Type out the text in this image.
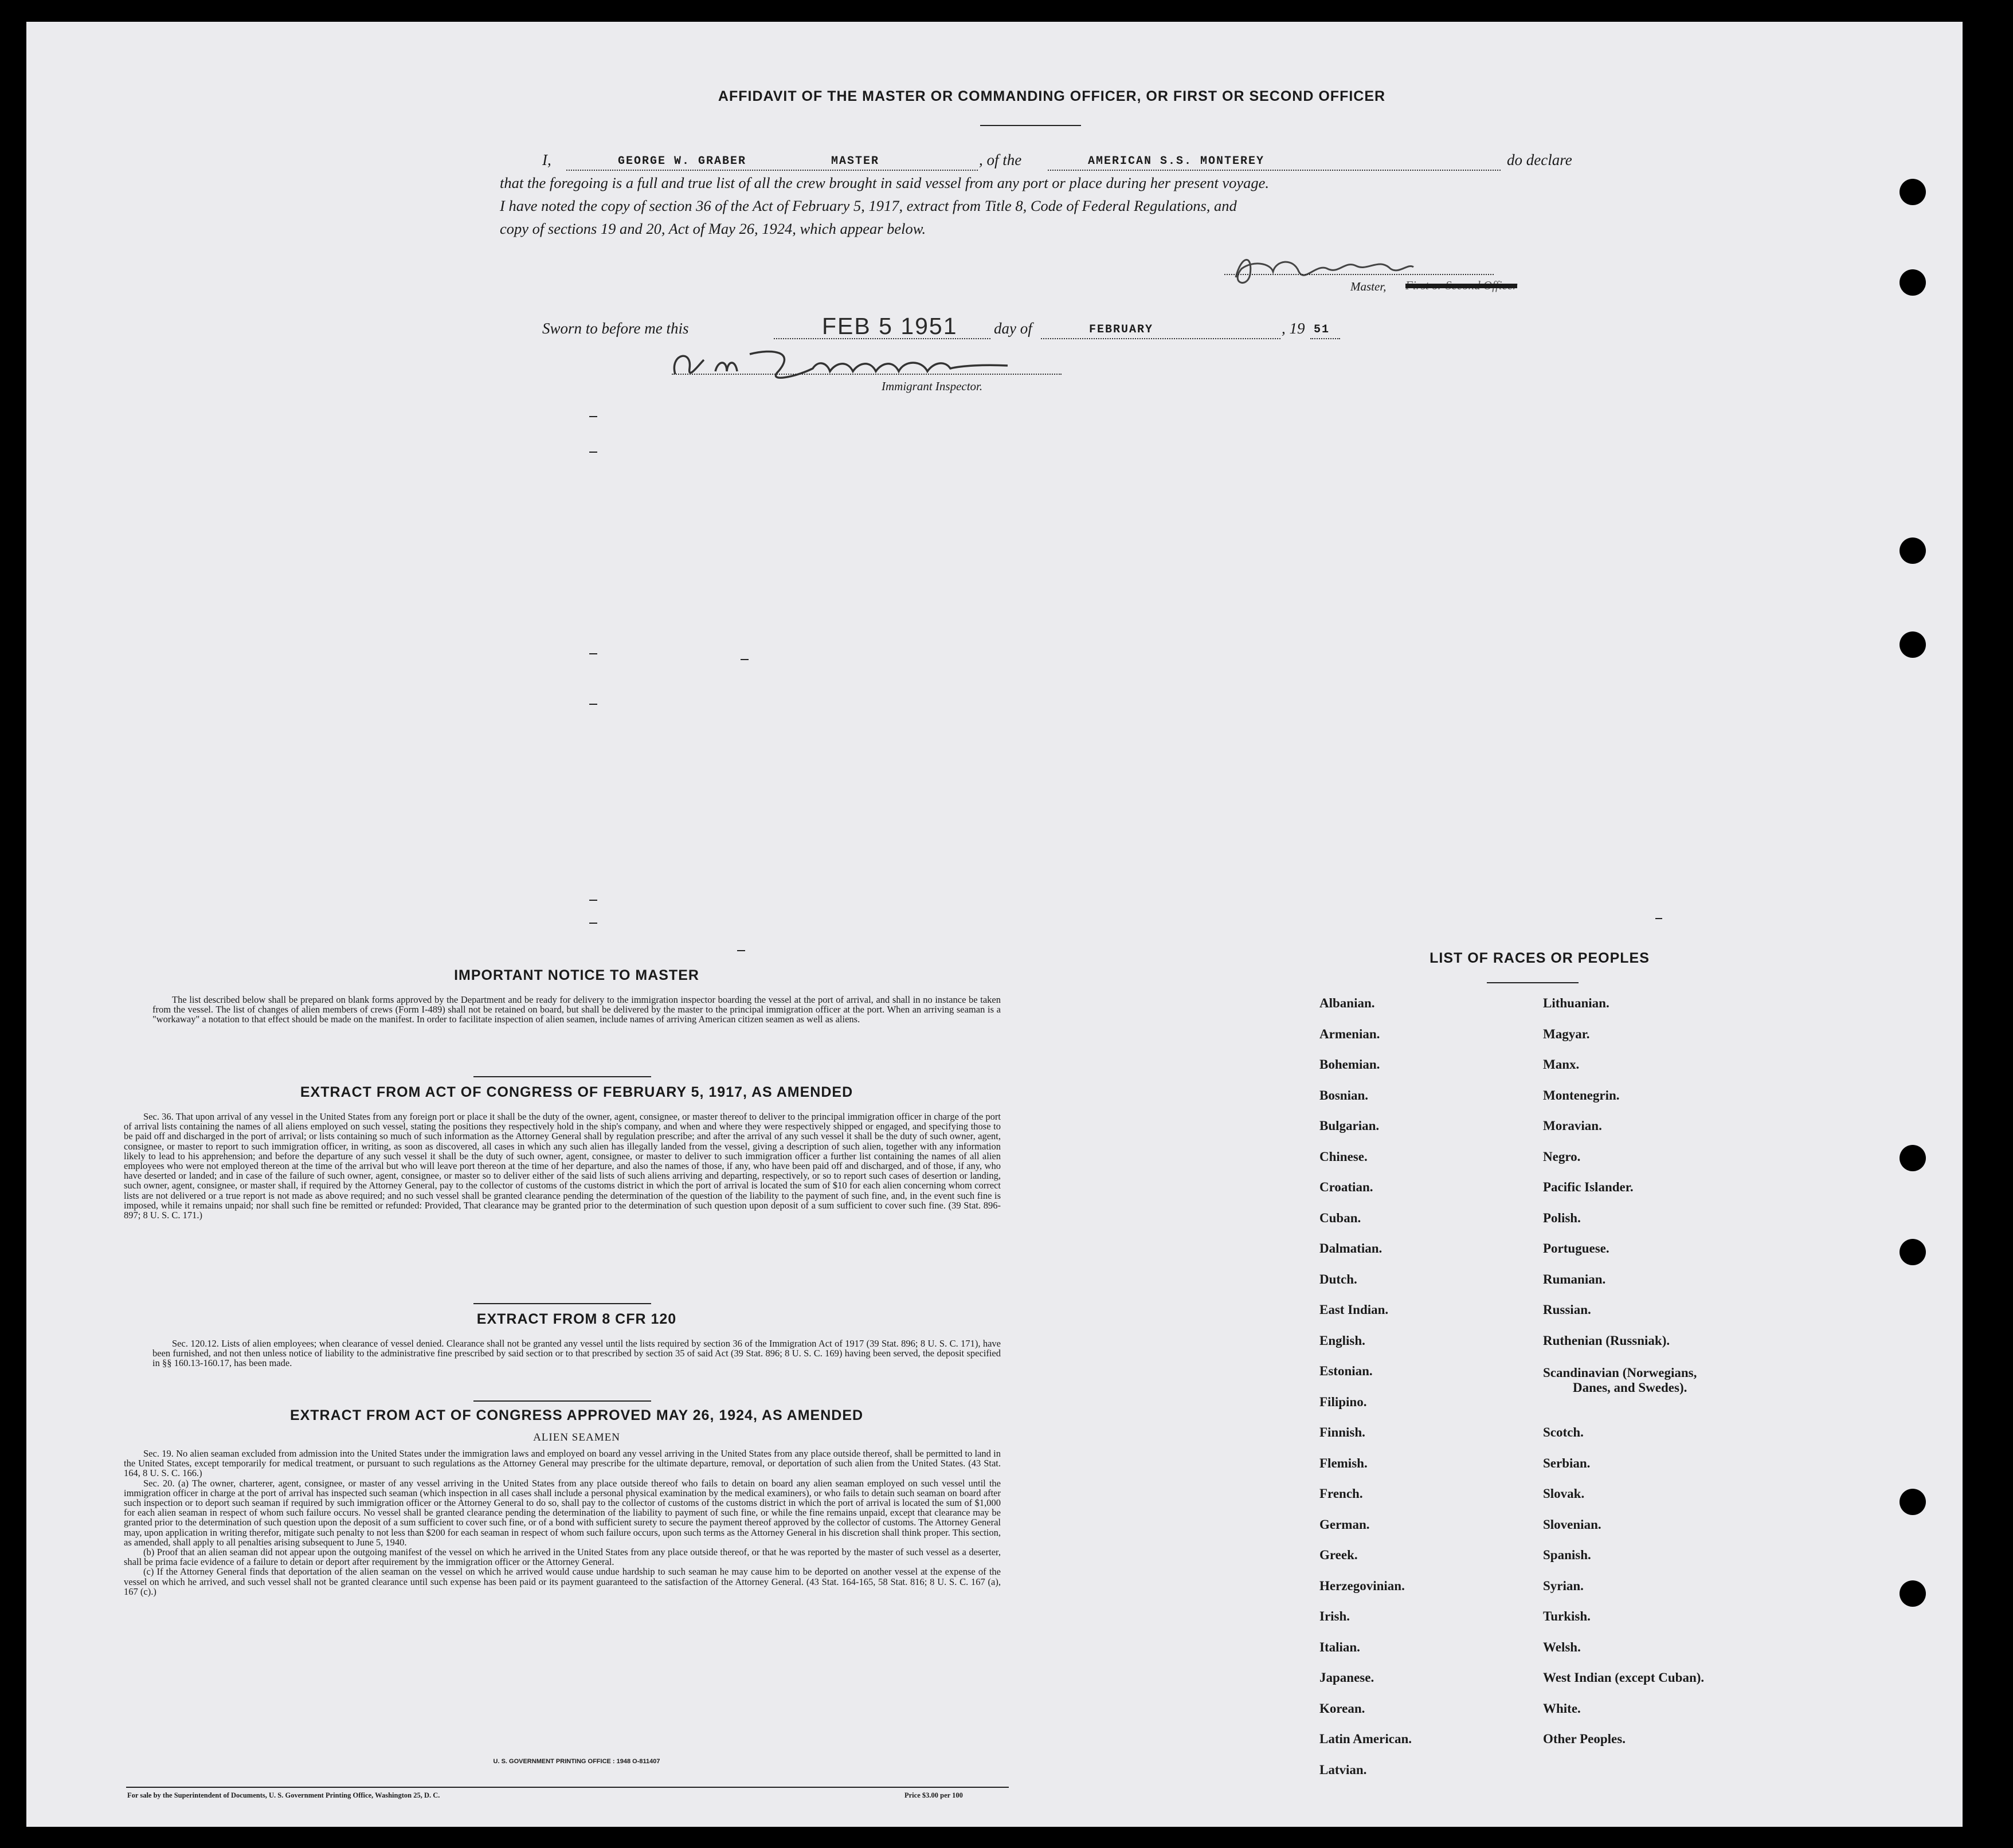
AFFIDAVIT OF THE MASTER OR COMMANDING OFFICER, OR FIRST OR SECOND OFFICER
I,	GEORGE W. GRABER	MASTER	, of the	AMERICAN S.S. MONTEREY	do declare
that the foregoing is a full and true list of all the crew brought in said vessel from any port or place during her present voyage.
I have noted the copy of section 36 of the Act of February 5, 1917, extract from Title 8, Code of Federal Regulations, and
copy of sections 19 and 20, Act of May 26, 1924, which appear below.
Master,
Sworn to before me this	FEB 5 1951 day of	FEBRUARY	, 19 51
Immigrant Inspector.
IMPORTANT NOTICE TO MASTER

The list described below shall be prepared on blank forms approved by the Department and be ready for delivery to the immigration inspector boarding the vessel at the port of arrival, and shall in no instance be taken from the vessel. The list of changes of alien members of crews (Form I-489) shall not be retained on board, but shall be delivered by the master to the principal immigration officer at the port. When an arriving seaman is a "workaway" a notation to that effect should be made on the manifest. In order to facilitate inspection of alien seamen, include names of arriving American citizen seamen as well as aliens.

EXTRACT FROM ACT OF CONGRESS OF FEBRUARY 5, 1917, AS AMENDED

Sec. 36. That upon arrival of any vessel in the United States from any foreign port or place it shall be the duty of the owner, agent, consignee, or master thereof to deliver to the principal immigration officer in charge of the port of arrival lists containing the names of all aliens employed on such vessel, stating the positions they respectively hold in the ship's company, and when and where they were respectively shipped or engaged, and specifying those to be paid off and discharged in the port of arrival; or lists containing so much of such information as the Attorney General shall by regulation prescribe; and after the arrival of any such vessel it shall be the duty of such owner, agent, consignee, or master to report to such immigration officer, in writing, as soon as discovered, all cases in which any such alien has illegally landed from the vessel, giving a description of such alien, together with any information likely to lead to his apprehension; and before the departure of any such vessel it shall be the duty of such owner, agent, consignee, or master to deliver to such immigration officer a further list containing the names of all alien employees who were not employed thereon at the time of the arrival but who will leave port thereon at the time of her departure, and also the names of those, if any, who have been paid off and discharged, and of those, if any, who have deserted or landed; and in case of the failure of such owner, agent, consignee, or master so to deliver either of the said lists of such aliens arriving and departing, respectively, or so to report such cases of desertion or landing, such owner, agent, consignee, or master shall, if required by the Attorney General, pay to the collector of customs of the customs district in which the port of arrival is located the sum of $10 for each alien concerning whom correct lists are not delivered or a true report is not made as above required; and no such vessel shall be granted clearance pending the determination of the question of the liability to the payment of such fine, and, in the event such fine is imposed, while it remains unpaid; nor shall such fine be remitted or refunded: Provided, That clearance may be granted prior to the determination of such question upon deposit of a sum sufficient to cover such fine. (39 Stat. 896-897; 8 U. S. C. 171.)

EXTRACT FROM 8 CFR 120

Sec. 120.12. Lists of alien employees; when clearance of vessel denied. Clearance shall not be granted any vessel until the lists required by section 36 of the Immigration Act of 1917 (39 Stat. 896; 8 U. S. C. 171), have been furnished, and not then unless notice of liability to the administrative fine prescribed by said section or to that prescribed by section 35 of said Act (39 Stat. 896; 8 U. S. C. 169) having been served, the deposit specified in §§ 160.13-160.17, has been made.

EXTRACT FROM ACT OF CONGRESS APPROVED MAY 26, 1924, AS AMENDED
ALIEN SEAMEN

Sec. 19. No alien seaman excluded from admission into the United States under the immigration laws and employed on board any vessel arriving in the United States from any place outside thereof, shall be permitted to land in the United States, except temporarily for medical treatment, or pursuant to such regulations as the Attorney General may prescribe for the ultimate departure, removal, or deportation of such alien from the United States. (43 Stat. 164, 8 U. S. C. 166.)

Sec. 20. (a) The owner, charterer, agent, consignee, or master of any vessel arriving in the United States from any place outside thereof who fails to detain on board any alien seaman employed on such vessel until the immigration officer in charge at the port of arrival has inspected such seaman (which inspection in all cases shall include a personal physical examination by the medical examiners), or who fails to detain such seaman on board after such inspection or to deport such seaman if required by such immigration officer or the Attorney General to do so, shall pay to the collector of customs of the customs district in which the port of arrival is located the sum of $1,000 for each alien seaman in respect of whom such failure occurs. No vessel shall be granted clearance pending the determination of the liability to payment of such fine, or while the fine remains unpaid, except that clearance may be granted prior to the determination of such question upon the deposit of a sum sufficient to cover such fine, or of a bond with sufficient surety to secure the payment thereof approved by the collector of customs. The Attorney General may, upon application in writing therefor, mitigate such penalty to not less than $200 for each seaman in respect of whom such failure occurs, upon such terms as the Attorney General in his discretion shall think proper. This section, as amended, shall apply to all penalties arising subsequent to June 5, 1940.

(b) Proof that an alien seaman did not appear upon the outgoing manifest of the vessel on which he arrived in the United States from any place outside thereof, or that he was reported by the master of such vessel as a deserter, shall be prima facie evidence of a failure to detain or deport after requirement by the immigration officer or the Attorney General.

(c) If the Attorney General finds that deportation of the alien seaman on the vessel on which he arrived would cause undue hardship to such seaman he may cause him to be deported on another vessel at the expense of the vessel on which he arrived, and such vessel shall not be granted clearance until such expense has been paid or its payment guaranteed to the satisfaction of the Attorney General. (43 Stat. 164-165, 58 Stat. 816; 8 U. S. C. 167 (a), 167 (c).)

U. S. GOVERNMENT PRINTING OFFICE : 1948 O-811407
For sale by the Superintendent of Documents, U. S. Government Printing Office, Washington 25, D. C.	Price $3.00 per 100
LIST OF RACES OR PEOPLES
Albanian.
Armenian.
Bohemian.
Bosnian.
Bulgarian.
Chinese.
Croatian.
Cuban.
Dalmatian.
Dutch.
East Indian.
English.
Estonian.
Filipino.
Finnish.
Flemish.
French.
German.
Greek.
Herzegovinian.
Irish.
Italian.
Japanese.
Korean.
Latin American.
Latvian.
Lithuanian.
Magyar.
Manx.
Montenegrin.
Moravian.
Negro.
Pacific Islander.
Polish.
Portuguese.
Rumanian.
Russian.
Ruthenian (Russniak).
Scandinavian (Norwegians,
Danes, and Swedes).
Scotch.
Serbian.
Slovak.
Slovenian.
Spanish.
Syrian.
Turkish.
Welsh.
West Indian (except Cuban).
White.
Other Peoples.
